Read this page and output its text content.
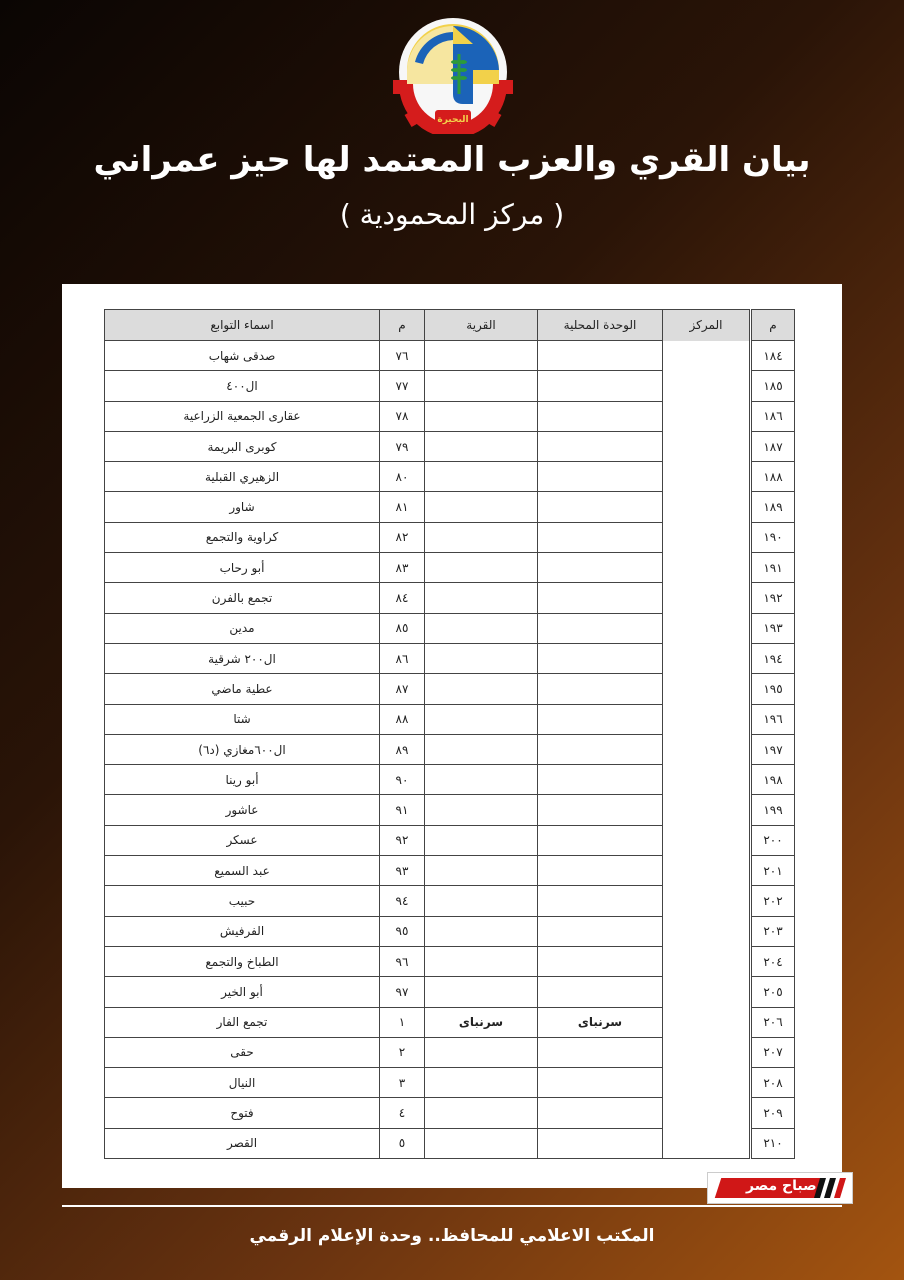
البحيرة
بيان القري والعزب المعتمد لها حيز عمراني
( مركز المحمودية )
اسماء التوابع	م	القرية	الوحدة المحلية	المركز		م
صدقى شهاب	٧٦					١٨٤
ال٤٠٠	٧٧					١٨٥
عقارى الجمعية الزراعية	٧٨					١٨٦
كوبرى البريمة	٧٩					١٨٧
الزهيري القبلية	٨٠					١٨٨
شاور	٨١					١٨٩
كراوية والتجمع	٨٢					١٩٠
أبو رحاب	٨٣					١٩١
تجمع بالفرن	٨٤					١٩٢
مدين	٨٥					١٩٣
ال٢٠٠ شرقية	٨٦					١٩٤
عطية ماضي	٨٧					١٩٥
شتا	٨٨					١٩٦
ال٦٠٠مغازي (د٦)	٨٩					١٩٧
أبو رينا	٩٠					١٩٨
عاشور	٩١					١٩٩
عسكر	٩٢					٢٠٠
عبد السميع	٩٣					٢٠١
حبيب	٩٤					٢٠٢
الفرفيش	٩٥					٢٠٣
الطباخ والتجمع	٩٦					٢٠٤
أبو الخير	٩٧					٢٠٥
تجمع الفار	١	سرنباى	سرنباى			٢٠٦
حقى	٢					٢٠٧
النيال	٣					٢٠٨
فتوح	٤					٢٠٩
القصر	٥					٢١٠
صباح مصر
المكتب الاعلامي للمحافظ.. وحدة الإعلام الرقمي
